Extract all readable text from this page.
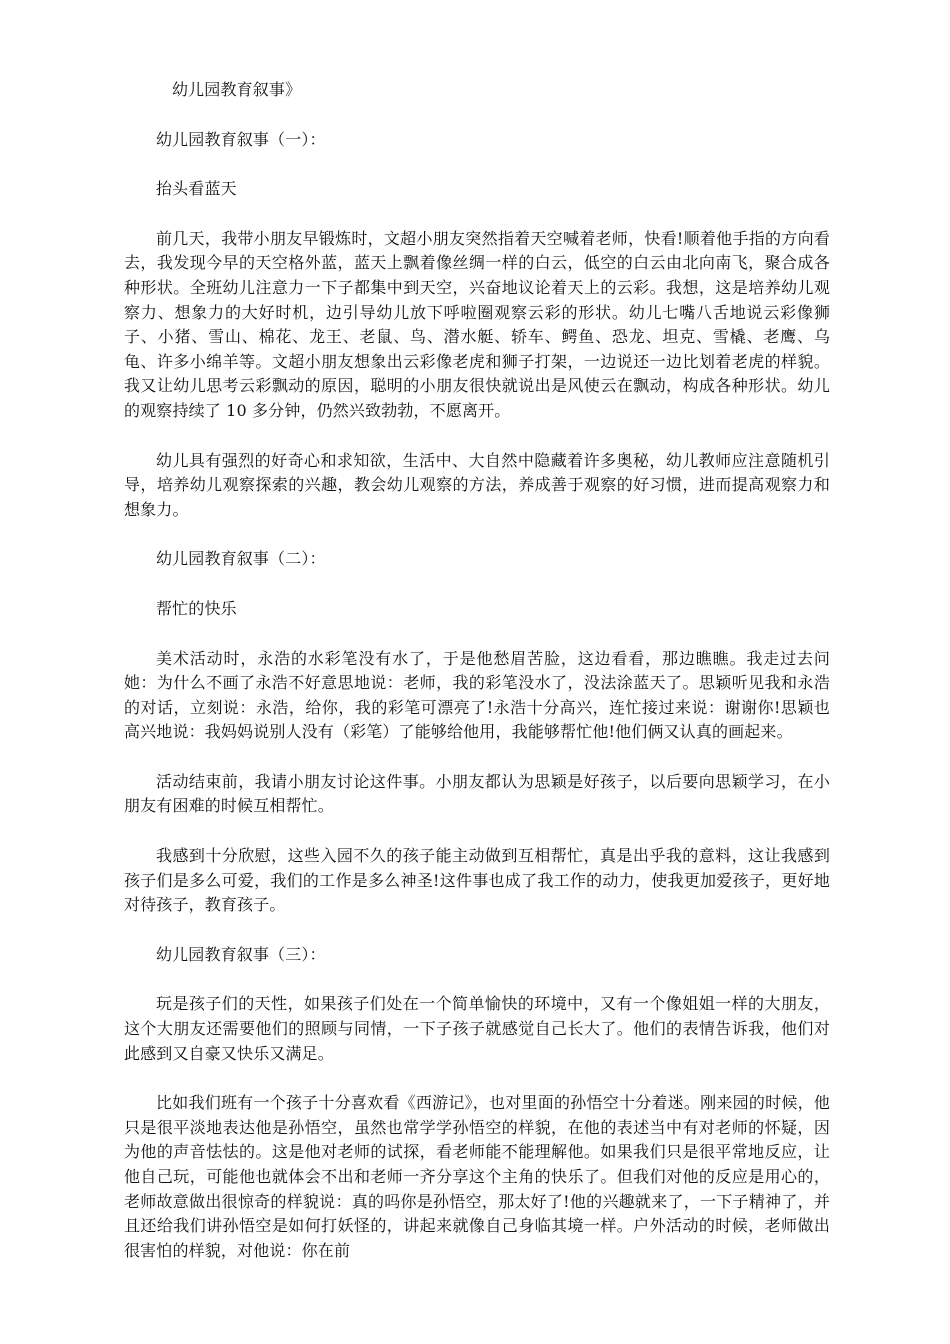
幼儿园教育叙事》

幼儿园教育叙事（一）：

抬头看蓝天

前几天，我带小朋友早锻炼时，文超小朋友突然指着天空喊着老师，快看!顺着他手指的方向看去，我发现今早的天空格外蓝，蓝天上飘着像丝绸一样的白云，低空的白云由北向南飞，聚合成各种形状。全班幼儿注意力一下子都集中到天空，兴奋地议论着天上的云彩。我想，这是培养幼儿观察力、想象力的大好时机，边引导幼儿放下呼啦圈观察云彩的形状。幼儿七嘴八舌地说云彩像狮子、小猪、雪山、棉花、龙王、老鼠、鸟、潜水艇、轿车、鳄鱼、恐龙、坦克、雪橇、老鹰、乌龟、许多小绵羊等。文超小朋友想象出云彩像老虎和狮子打架，一边说还一边比划着老虎的样貌。我又让幼儿思考云彩飘动的原因，聪明的小朋友很快就说出是风使云在飘动，构成各种形状。幼儿的观察持续了 10 多分钟，仍然兴致勃勃，不愿离开。

幼儿具有强烈的好奇心和求知欲，生活中、大自然中隐藏着许多奥秘，幼儿教师应注意随机引导，培养幼儿观察探索的兴趣，教会幼儿观察的方法，养成善于观察的好习惯，进而提高观察力和想象力。

幼儿园教育叙事（二）：

帮忙的快乐

美术活动时，永浩的水彩笔没有水了，于是他愁眉苦脸，这边看看，那边瞧瞧。我走过去问她：为什么不画了永浩不好意思地说：老师，我的彩笔没水了，没法涂蓝天了。思颖听见我和永浩的对话，立刻说：永浩，给你，我的彩笔可漂亮了!永浩十分高兴，连忙接过来说：谢谢你!思颖也高兴地说：我妈妈说别人没有（彩笔）了能够给他用，我能够帮忙他!他们俩又认真的画起来。

活动结束前，我请小朋友讨论这件事。小朋友都认为思颖是好孩子，以后要向思颖学习，在小朋友有困难的时候互相帮忙。

我感到十分欣慰，这些入园不久的孩子能主动做到互相帮忙，真是出乎我的意料，这让我感到孩子们是多么可爱，我们的工作是多么神圣!这件事也成了我工作的动力，使我更加爱孩子，更好地对待孩子，教育孩子。

幼儿园教育叙事（三）：

玩是孩子们的天性，如果孩子们处在一个简单愉快的环境中，又有一个像姐姐一样的大朋友，这个大朋友还需要他们的照顾与同情，一下子孩子就感觉自己长大了。他们的表情告诉我，他们对此感到又自豪又快乐又满足。

比如我们班有一个孩子十分喜欢看《西游记》，也对里面的孙悟空十分着迷。刚来园的时候，他只是很平淡地表达他是孙悟空，虽然也常学学孙悟空的样貌，在他的表述当中有对老师的怀疑，因为他的声音怯怯的。这是他对老师的试探，看老师能不能理解他。如果我们只是很平常地反应，让他自己玩，可能他也就体会不出和老师一齐分享这个主角的快乐了。但我们对他的反应是用心的，老师故意做出很惊奇的样貌说：真的吗你是孙悟空，那太好了!他的兴趣就来了，一下子精神了，并且还给我们讲孙悟空是如何打妖怪的，讲起来就像自己身临其境一样。户外活动的时候，老师做出很害怕的样貌，对他说：你在前
